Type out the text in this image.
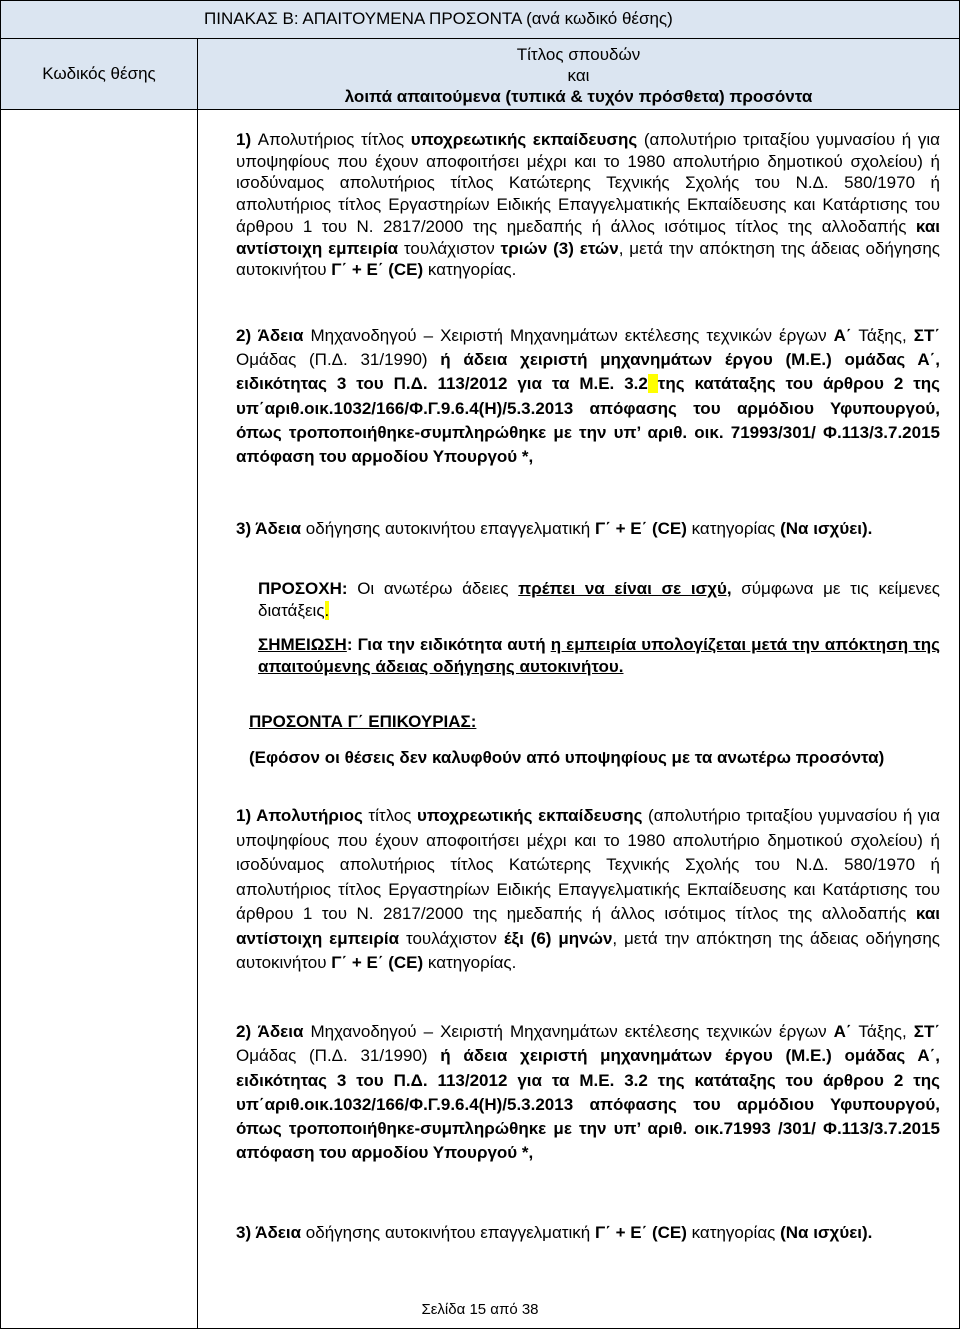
ΠΙΝΑΚΑΣ Β: ΑΠΑΙΤΟΥΜΕΝΑ ΠΡΟΣΟΝΤΑ (ανά κωδικό θέσης)	
Κωδικός θέσης	Τίτλος σπουδών
και
λοιπά απαιτούμενα (τυπικά & τυχόν πρόσθετα) προσόντα

1) Απολυτήριος τίτλος υποχρεωτικής εκπαίδευσης (απολυτήριο τριταξίου γυμνασίου ή για υποψηφίους που έχουν αποφοιτήσει μέχρι και το 1980 απολυτήριο δημοτικού σχολείου) ή ισοδύναμος απολυτήριος τίτλος Κατώτερης Τεχνικής Σχολής του Ν.Δ. 580/1970 ή απολυτήριος τίτλος Εργαστηρίων Ειδικής Επαγγελματικής Εκπαίδευσης και Κατάρτισης του άρθρου 1 του Ν. 2817/2000 της ημεδαπής ή άλλος ισότιμος τίτλος της αλλοδαπής και αντίστοιχη εμπειρία τουλάχιστον τριών (3) ετών, μετά την απόκτηση της άδειας οδήγησης αυτοκινήτου Γ΄ + Ε΄ (CE) κατηγορίας.
2) Άδεια Μηχανοδηγού – Χειριστή Μηχανημάτων εκτέλεσης τεχνικών έργων Α΄ Τάξης, ΣΤ΄ Ομάδας (Π.Δ. 31/1990) ή άδεια χειριστή μηχανημάτων έργου (Μ.Ε.) ομάδας Α΄, ειδικότητας 3 του Π.Δ. 113/2012 για τα Μ.Ε. 3.2 της κατάταξης του άρθρου 2 της υπ΄αριθ.οικ.1032/166/Φ.Γ.9.6.4(Η)/5.3.2013 απόφασης του αρμόδιου Υφυπουργού, όπως τροποποιήθηκε-συμπληρώθηκε με την υπ’ αριθ. οικ. 71993/301/ Φ.113/3.7.2015 απόφαση του αρμοδίου Υπουργού *,
3) Άδεια οδήγησης αυτοκινήτου επαγγελματική Γ΄ + Ε΄ (CE) κατηγορίας (Να ισχύει).
ΠΡΟΣΟΧΗ: Οι ανωτέρω άδειες πρέπει να είναι σε ισχύ, σύμφωνα με τις κείμενες διατάξεις.
ΣΗΜΕΙΩΣΗ: Για την ειδικότητα αυτή η εμπειρία υπολογίζεται μετά την απόκτηση της απαιτούμενης άδειας οδήγησης αυτοκινήτου.
ΠΡΟΣΟΝΤΑ Γ΄ ΕΠΙΚΟΥΡΙΑΣ:
(Εφόσον οι θέσεις δεν καλυφθούν από υποψηφίους με τα ανωτέρω προσόντα)
1) Απολυτήριος τίτλος υποχρεωτικής εκπαίδευσης (απολυτήριο τριταξίου γυμνασίου ή για υποψηφίους που έχουν αποφοιτήσει μέχρι και το 1980 απολυτήριο δημοτικού σχολείου) ή ισοδύναμος απολυτήριος τίτλος Κατώτερης Τεχνικής Σχολής του Ν.Δ. 580/1970 ή απολυτήριος τίτλος Εργαστηρίων Ειδικής Επαγγελματικής Εκπαίδευσης και Κατάρτισης του άρθρου 1 του Ν. 2817/2000 της ημεδαπής ή άλλος ισότιμος τίτλος της αλλοδαπής και αντίστοιχη εμπειρία τουλάχιστον έξι (6) μηνών, μετά την απόκτηση της άδειας οδήγησης αυτοκινήτου Γ΄ + Ε΄ (CE) κατηγορίας.
2) Άδεια Μηχανοδηγού – Χειριστή Μηχανημάτων εκτέλεσης τεχνικών έργων Α΄ Τάξης, ΣΤ΄ Ομάδας (Π.Δ. 31/1990) ή άδεια χειριστή μηχανημάτων έργου (Μ.Ε.) ομάδας Α΄, ειδικότητας 3 του Π.Δ. 113/2012 για τα Μ.Ε. 3.2 της κατάταξης του άρθρου 2 της υπ΄αριθ.οικ.1032/166/Φ.Γ.9.6.4(Η)/5.3.2013 απόφασης του αρμόδιου Υφυπουργού, όπως τροποποιήθηκε-συμπληρώθηκε με την υπ’ αριθ. οικ.71993 /301/ Φ.113/3.7.2015 απόφαση του αρμοδίου Υπουργού *,
3) Άδεια οδήγησης αυτοκινήτου επαγγελματική Γ΄ + Ε΄ (CE) κατηγορίας (Να ισχύει).
Σελίδα 15 από 38
